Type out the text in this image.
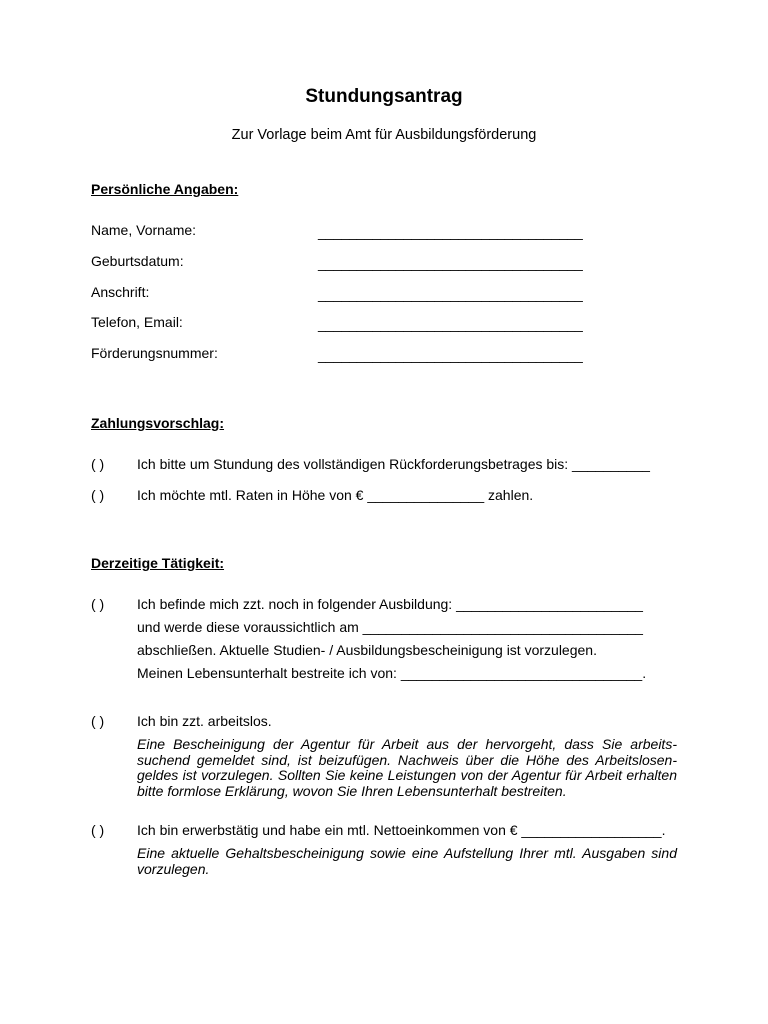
Stundungsantrag
Zur Vorlage beim Amt für Ausbildungsförderung
Persönliche Angaben:
Name, Vorname:	__________________________________
Geburtsdatum:	__________________________________
Anschrift:	__________________________________
Telefon, Email:	__________________________________
Förderungsnummer:	__________________________________
Zahlungsvorschlag:
( ) Ich bitte um Stundung des vollständigen Rückforderungsbetrages bis: __________
( ) Ich möchte mtl. Raten in Höhe von € _______________ zahlen.
Derzeitige Tätigkeit:
( ) Ich befinde mich zzt. noch in folgender Ausbildung: ________________________
und werde diese voraussichtlich am ____________________________________
abschließen. Aktuelle Studien- / Ausbildungsbescheinigung ist vorzulegen.
Meinen Lebensunterhalt bestreite ich von: _______________________________.
( ) Ich bin zzt. arbeitslos.
Eine Bescheinigung der Agentur für Arbeit aus der hervorgeht, dass Sie arbeits-suchend gemeldet sind, ist beizufügen. Nachweis über die Höhe des Arbeitslosen-geldes ist vorzulegen. Sollten Sie keine Leistungen von der Agentur für Arbeit erhalten bitte formlose Erklärung, wovon Sie Ihren Lebensunterhalt bestreiten.
( ) Ich bin erwerbstätig und habe ein mtl. Nettoeinkommen von € __________________.
Eine aktuelle Gehaltsbescheinigung sowie eine Aufstellung Ihrer mtl. Ausgaben sind vorzulegen.
